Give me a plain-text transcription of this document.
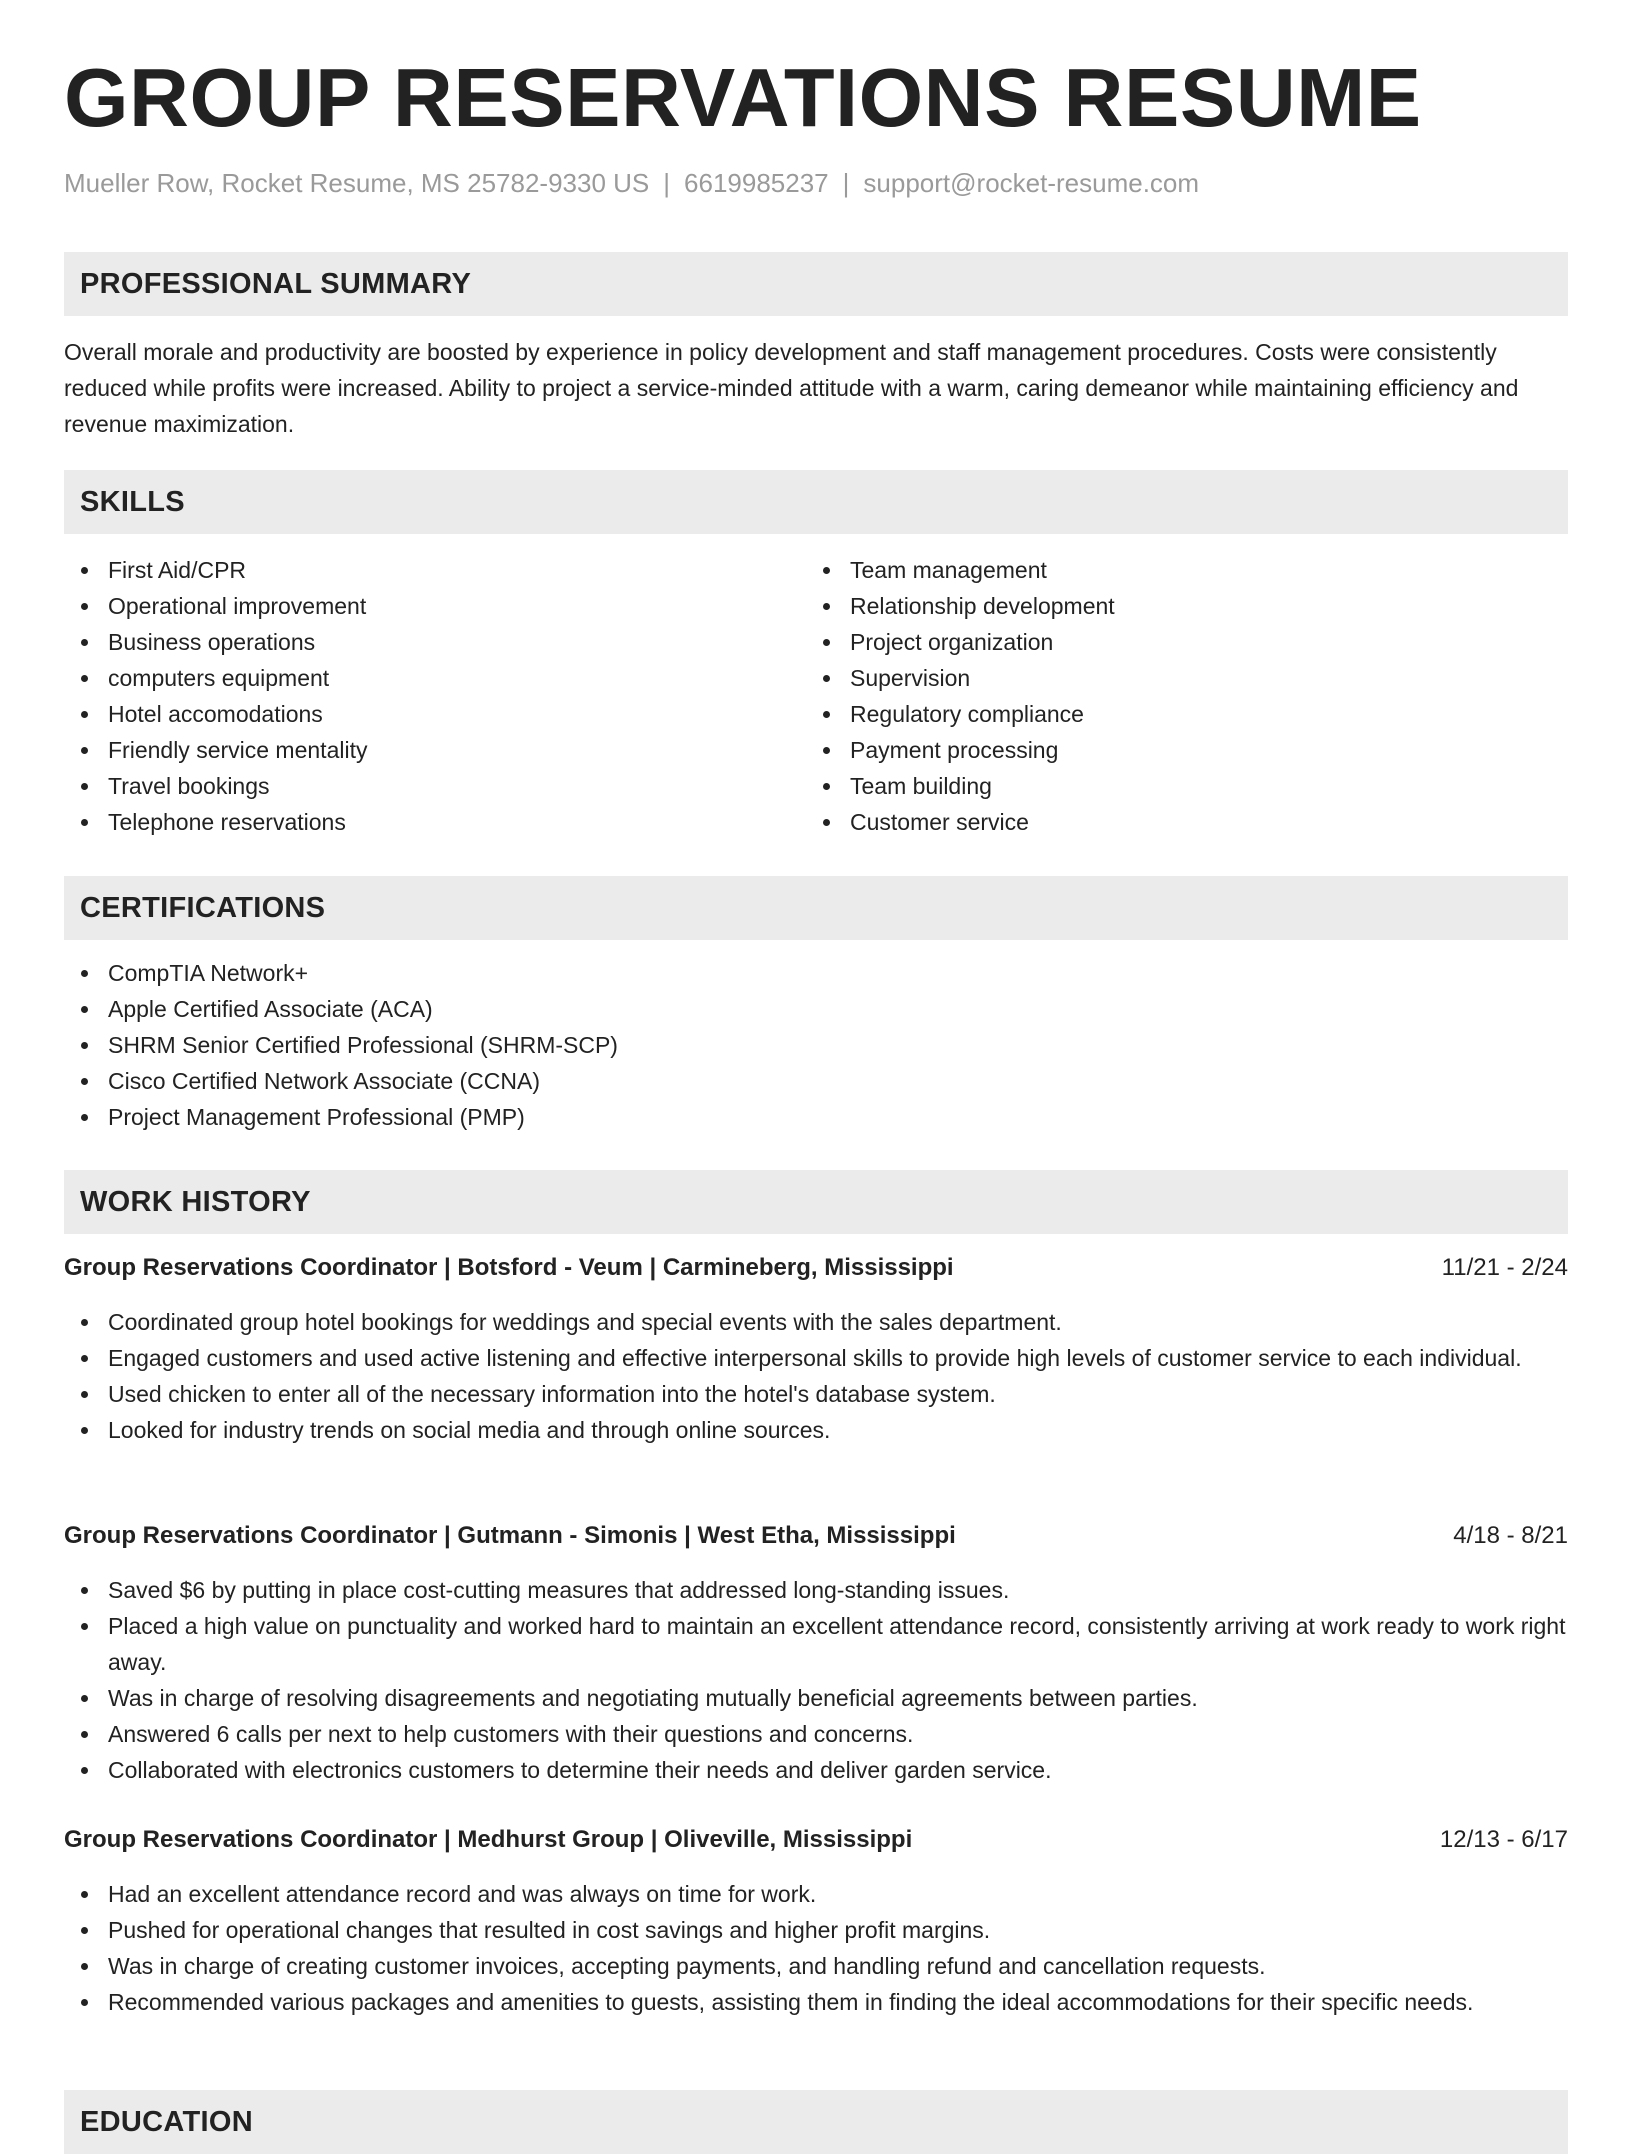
GROUP RESERVATIONS RESUME
Mueller Row, Rocket Resume, MS 25782-9330 US | 6619985237 | support@rocket-resume.com
PROFESSIONAL SUMMARY

Overall morale and productivity are boosted by experience in policy development and staff management procedures. Costs were consistently reduced while profits were increased. Ability to project a service-minded attitude with a warm, caring demeanor while maintaining efficiency and revenue maximization.

SKILLS
First Aid/CPR
Operational improvement
Business operations
computers equipment
Hotel accomodations
Friendly service mentality
Travel bookings
Telephone reservations
Team management
Relationship development
Project organization
Supervision
Regulatory compliance
Payment processing
Team building
Customer service
CERTIFICATIONS
CompTIA Network+
Apple Certified Associate (ACA)
SHRM Senior Certified Professional (SHRM-SCP)
Cisco Certified Network Associate (CCNA)
Project Management Professional (PMP)
WORK HISTORY
Group Reservations Coordinator | Botsford - Veum | Carmineberg, Mississippi	11/21 - 2/24
Coordinated group hotel bookings for weddings and special events with the sales department.
Engaged customers and used active listening and effective interpersonal skills to provide high levels of customer service to each individual.
Used chicken to enter all of the necessary information into the hotel's database system.
Looked for industry trends on social media and through online sources.
Group Reservations Coordinator | Gutmann - Simonis | West Etha, Mississippi	4/18 - 8/21
Saved $6 by putting in place cost-cutting measures that addressed long-standing issues.
Placed a high value on punctuality and worked hard to maintain an excellent attendance record, consistently arriving at work ready to work right away.
Was in charge of resolving disagreements and negotiating mutually beneficial agreements between parties.
Answered 6 calls per next to help customers with their questions and concerns.
Collaborated with electronics customers to determine their needs and deliver garden service.
Group Reservations Coordinator | Medhurst Group | Oliveville, Mississippi	12/13 - 6/17
Had an excellent attendance record and was always on time for work.
Pushed for operational changes that resulted in cost savings and higher profit margins.
Was in charge of creating customer invoices, accepting payments, and handling refund and cancellation requests.
Recommended various packages and amenities to guests, assisting them in finding the ideal accommodations for their specific needs.
EDUCATION
